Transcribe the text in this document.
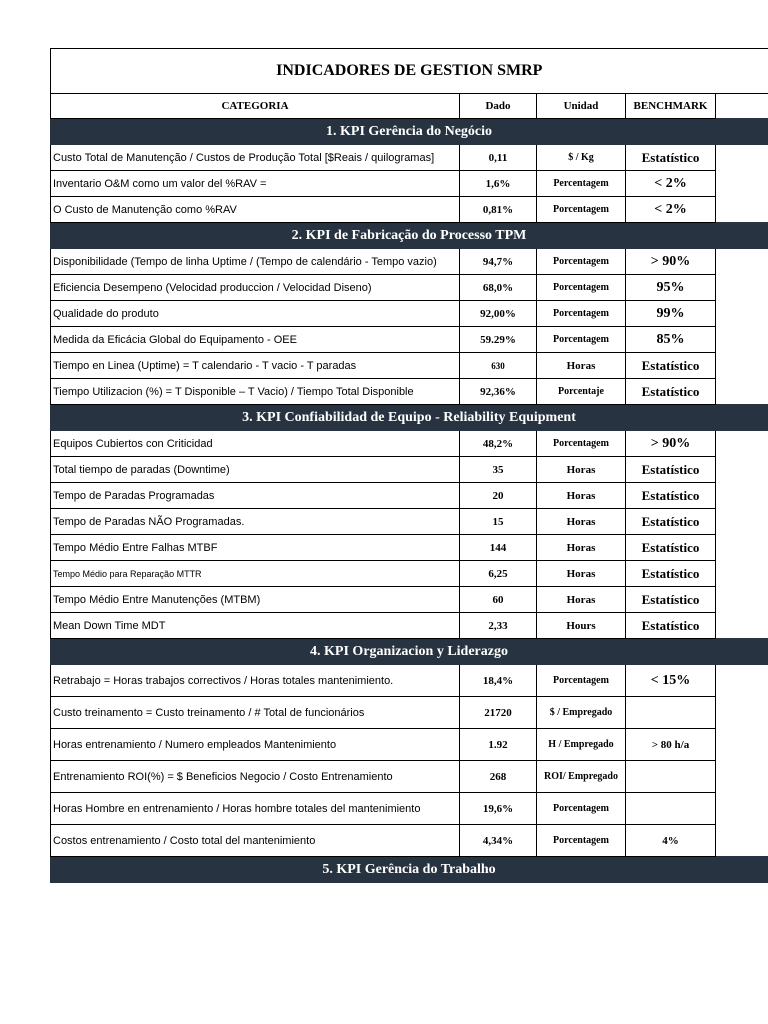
INDICADORES DE GESTION SMRP				
CATEGORIA	Dado	Unidad	BENCHMARK	
1. KPI Gerência do Negócio				
Custo Total de Manutenção / Custos de Produção Total [$Reais / quilogramas]	0,11	$ / Kg	Estatístico	
Inventario O&M como um valor del %RAV =	1,6%	Percentagem	< 2%	
O Custo de Manutenção como %RAV	0,81%	Porcentagem	< 2%	
2. KPI de Fabricação do Processo TPM				
Disponibilidade (Tempo de linha Uptime / (Tempo de calendário - Tempo vazio)	94,7%	Porcentagem	> 90%	
Eficiencia Desempeno (Velocidad produccion / Velocidad Diseno)	68,0%	Porcentagem	95%	
Qualidade do produto	92,00%	Porcentagem	99%	
Medida da Eficácia Global do Equipamento - OEE	59.29%	Porcentagem	85%	
Tiempo en Linea (Uptime) = T calendario - T vacio - T paradas	630	Horas	Estatístico	
Tiempo Utilizacion (%) = T Disponible – T Vacio) / Tiempo Total Disponible	92,36%	Porcentaje	Estatístico	
3. KPI Confiabilidad de Equipo - Reliability Equipment				
Equipos Cubiertos con Criticidad	48,2%	Porcentagem	> 90%	
Total tiempo de paradas (Downtime)	35	Horas	Estatístico	
Tempo de Paradas Programadas	20	Horas	Estatístico	
Tempo de Paradas NÃO Programadas.	15	Horas	Estatístico	
Tempo Médio Entre Falhas MTBF	144	Horas	Estatístico	
Tempo Médio para Reparação MTTR	6,25	Horas	Estatístico	
Tempo Médio Entre Manutenções (MTBM)	60	Horas	Estatístico	
Mean Down Time MDT	2,33	Hours	Estatístico	
4. KPI Organizacion y Liderazgo				
Retrabajo = Horas trabajos correctivos / Horas totales mantenimiento.	18,4%	Porcentagem	< 15%	
Custo treinamento = Custo treinamento / # Total de funcionários	21720	$ / Empregado		
Horas entrenamiento / Numero empleados Mantenimiento	1.92	H / Empregado	> 80 h/a	
Entrenamiento ROI(%) = $ Beneficios Negocio / Costo Entrenamiento	268	ROI/ Empregado		
Horas Hombre en entrenamiento / Horas hombre totales del mantenimiento	19,6%	Porcentagem		
Costos entrenamiento / Costo total del mantenimiento	4,34%	Porcentagem	4%	
5. KPI Gerência do Trabalho				
